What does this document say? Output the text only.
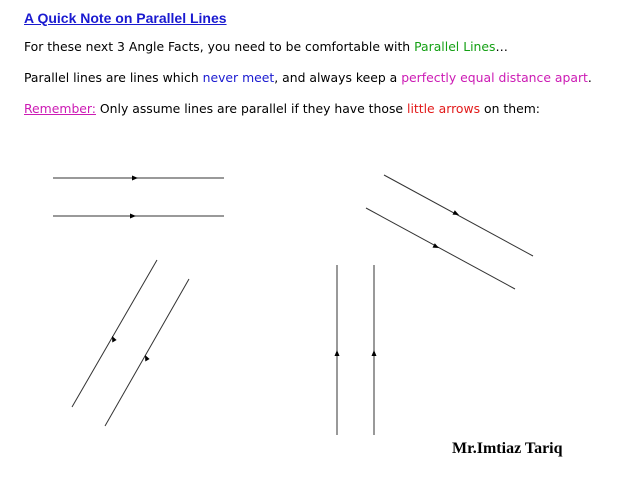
A Quick Note on Parallel Lines
For these next 3 Angle Facts, you need to be comfortable with Parallel Lines…
Parallel lines are lines which never meet, and always keep a perfectly equal distance apart.
Remember: Only assume lines are parallel if they have those little arrows on them:
Mr.Imtiaz Tariq
